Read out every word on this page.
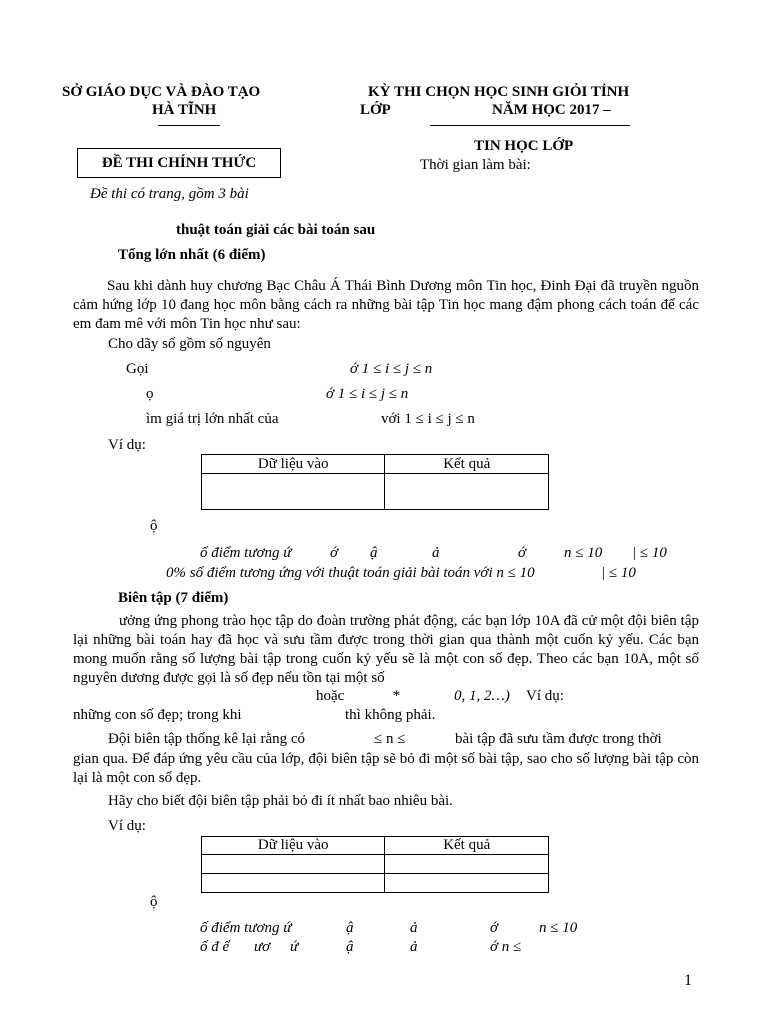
SỞ GIÁO DỤC VÀ ĐÀO TẠO
HÀ TĨNH
KỲ THI CHỌN HỌC SINH GIỎI TỈNH
LỚP	NĂM HỌC 2017 –
ĐỀ THI CHÍNH THỨC
TIN HỌC LỚP
Thời gian làm bài:
Đề thi có trang, gồm 3 bài
thuật toán giải các bài toán sau
Tổng lớn nhất (6 điểm)
Sau khi dành huy chương Bạc Châu Á Thái Bình Dương môn Tin học, Đinh Đại đã truyền nguồn cảm hứng lớp 10 đang học môn bằng cách ra những bài tập Tin học mang đậm phong cách toán để các em đam mê với môn Tin học như sau:
Cho dãy số gồm số nguyên
Gọi	ớ 1 ≤ i ≤ j ≤ n
ọ	ớ 1 ≤ i ≤ j ≤ n
ìm giá trị lớn nhất của	với 1 ≤ i ≤ j ≤ n
Ví dụ:
Dữ liệu vào	Kết quả

ộ
ố điểm tương ứ	ớ ậ	ả	ớ	n ≤ 10 | ≤ 10
0% số điểm tương ứng với thuật toán giải bài toán với n ≤ 10	| ≤ 10
Biên tập (7 điểm)
ưởng ứng phong trào học tập do đoàn trường phát động, các bạn lớp 10A đã cử một đội biên tập lại những bài toán hay đã học và sưu tầm được trong thời gian qua thành một cuốn kỷ yếu. Các bạn mong muốn rằng số lượng bài tập trong cuốn kỷ yếu sẽ là một con số đẹp. Theo các bạn 10A, một số nguyên dương được gọi là số đẹp nếu tồn tại một số
hoặc	*	0, 1, 2…) Ví dụ:
những con số đẹp; trong khi	thì không phải.
Đội biên tập thống kê lại rằng có	≤ n ≤	bài tập đã sưu tầm được trong thời
gian qua. Để đáp ứng yêu cầu của lớp, đội biên tập sẽ bỏ đi một số bài tập, sao cho số lượng bài tập còn lại là một con số đẹp.
Hãy cho biết đội biên tập phải bỏ đi ít nhất bao nhiêu bài.
Ví dụ:
Dữ liệu vào	Kết quả

ộ
ố điểm tương ứ	ậ	ả	ớ	n ≤ 10
ố đ ể ươ ứ	ậ	ả	ớ n ≤
1
